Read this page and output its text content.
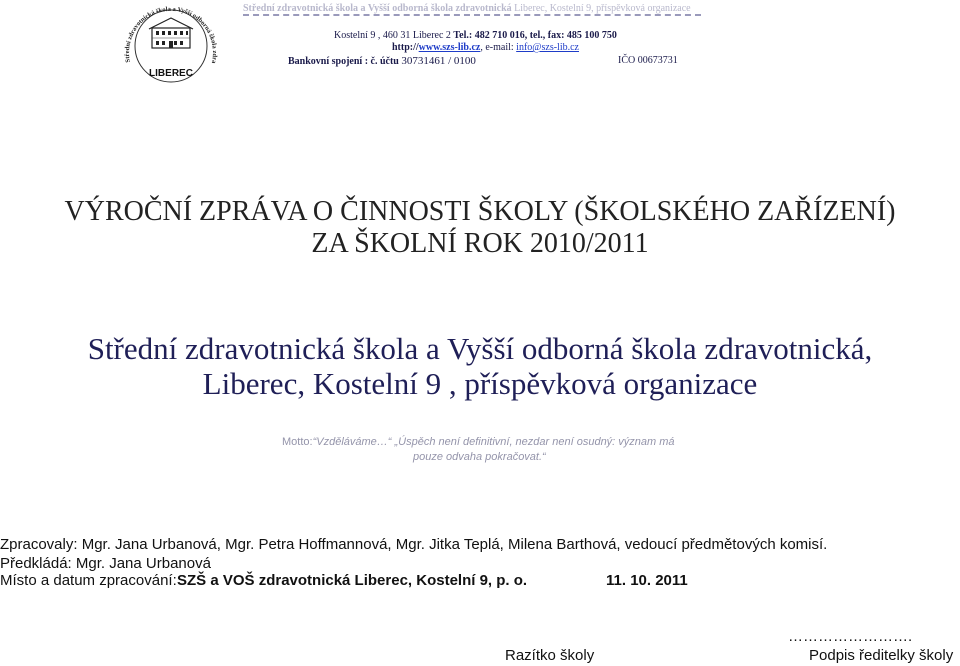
Střední zdravotnická škola a Vyšší odborná škola zdra
LIBEREC
Střední zdravotnická škola a Vyšší odborná škola zdravotnická Liberec, Kostelní 9, příspěvková organizace
Kostelní 9 , 460 31 Liberec 2 Tel.: 482 710 016, tel., fax: 485 100 750
http://www.szs-lib.cz, e-mail: info@szs-lib.cz
Bankovní spojení : č. účtu 30731461 / 0100	IČO 00673731
VÝROČNÍ ZPRÁVA O ČINNOSTI ŠKOLY (ŠKOLSKÉHO ZAŘÍZENÍ)
ZA ŠKOLNÍ ROK 2010/2011
Střední zdravotnická škola a Vyšší odborná škola zdravotnická,
Liberec, Kostelní 9 , příspěvková organizace
Motto:“Vzděláváme…“ „Úspěch není definitivní, nezdar není osudný: význam má
pouze odvaha pokračovat.“
Zpracovaly: Mgr. Jana Urbanová, Mgr. Petra Hoffmannová, Mgr. Jitka Teplá, Milena Barthová, vedoucí předmětových komisí.
Předkládá: Mgr. Jana Urbanová
Místo a datum zpracování: SZŠ a VOŠ zdravotnická Liberec, Kostelní 9, p. o.	11. 10. 2011
Razítko školy
…………………….
Podpis ředitelky školy
